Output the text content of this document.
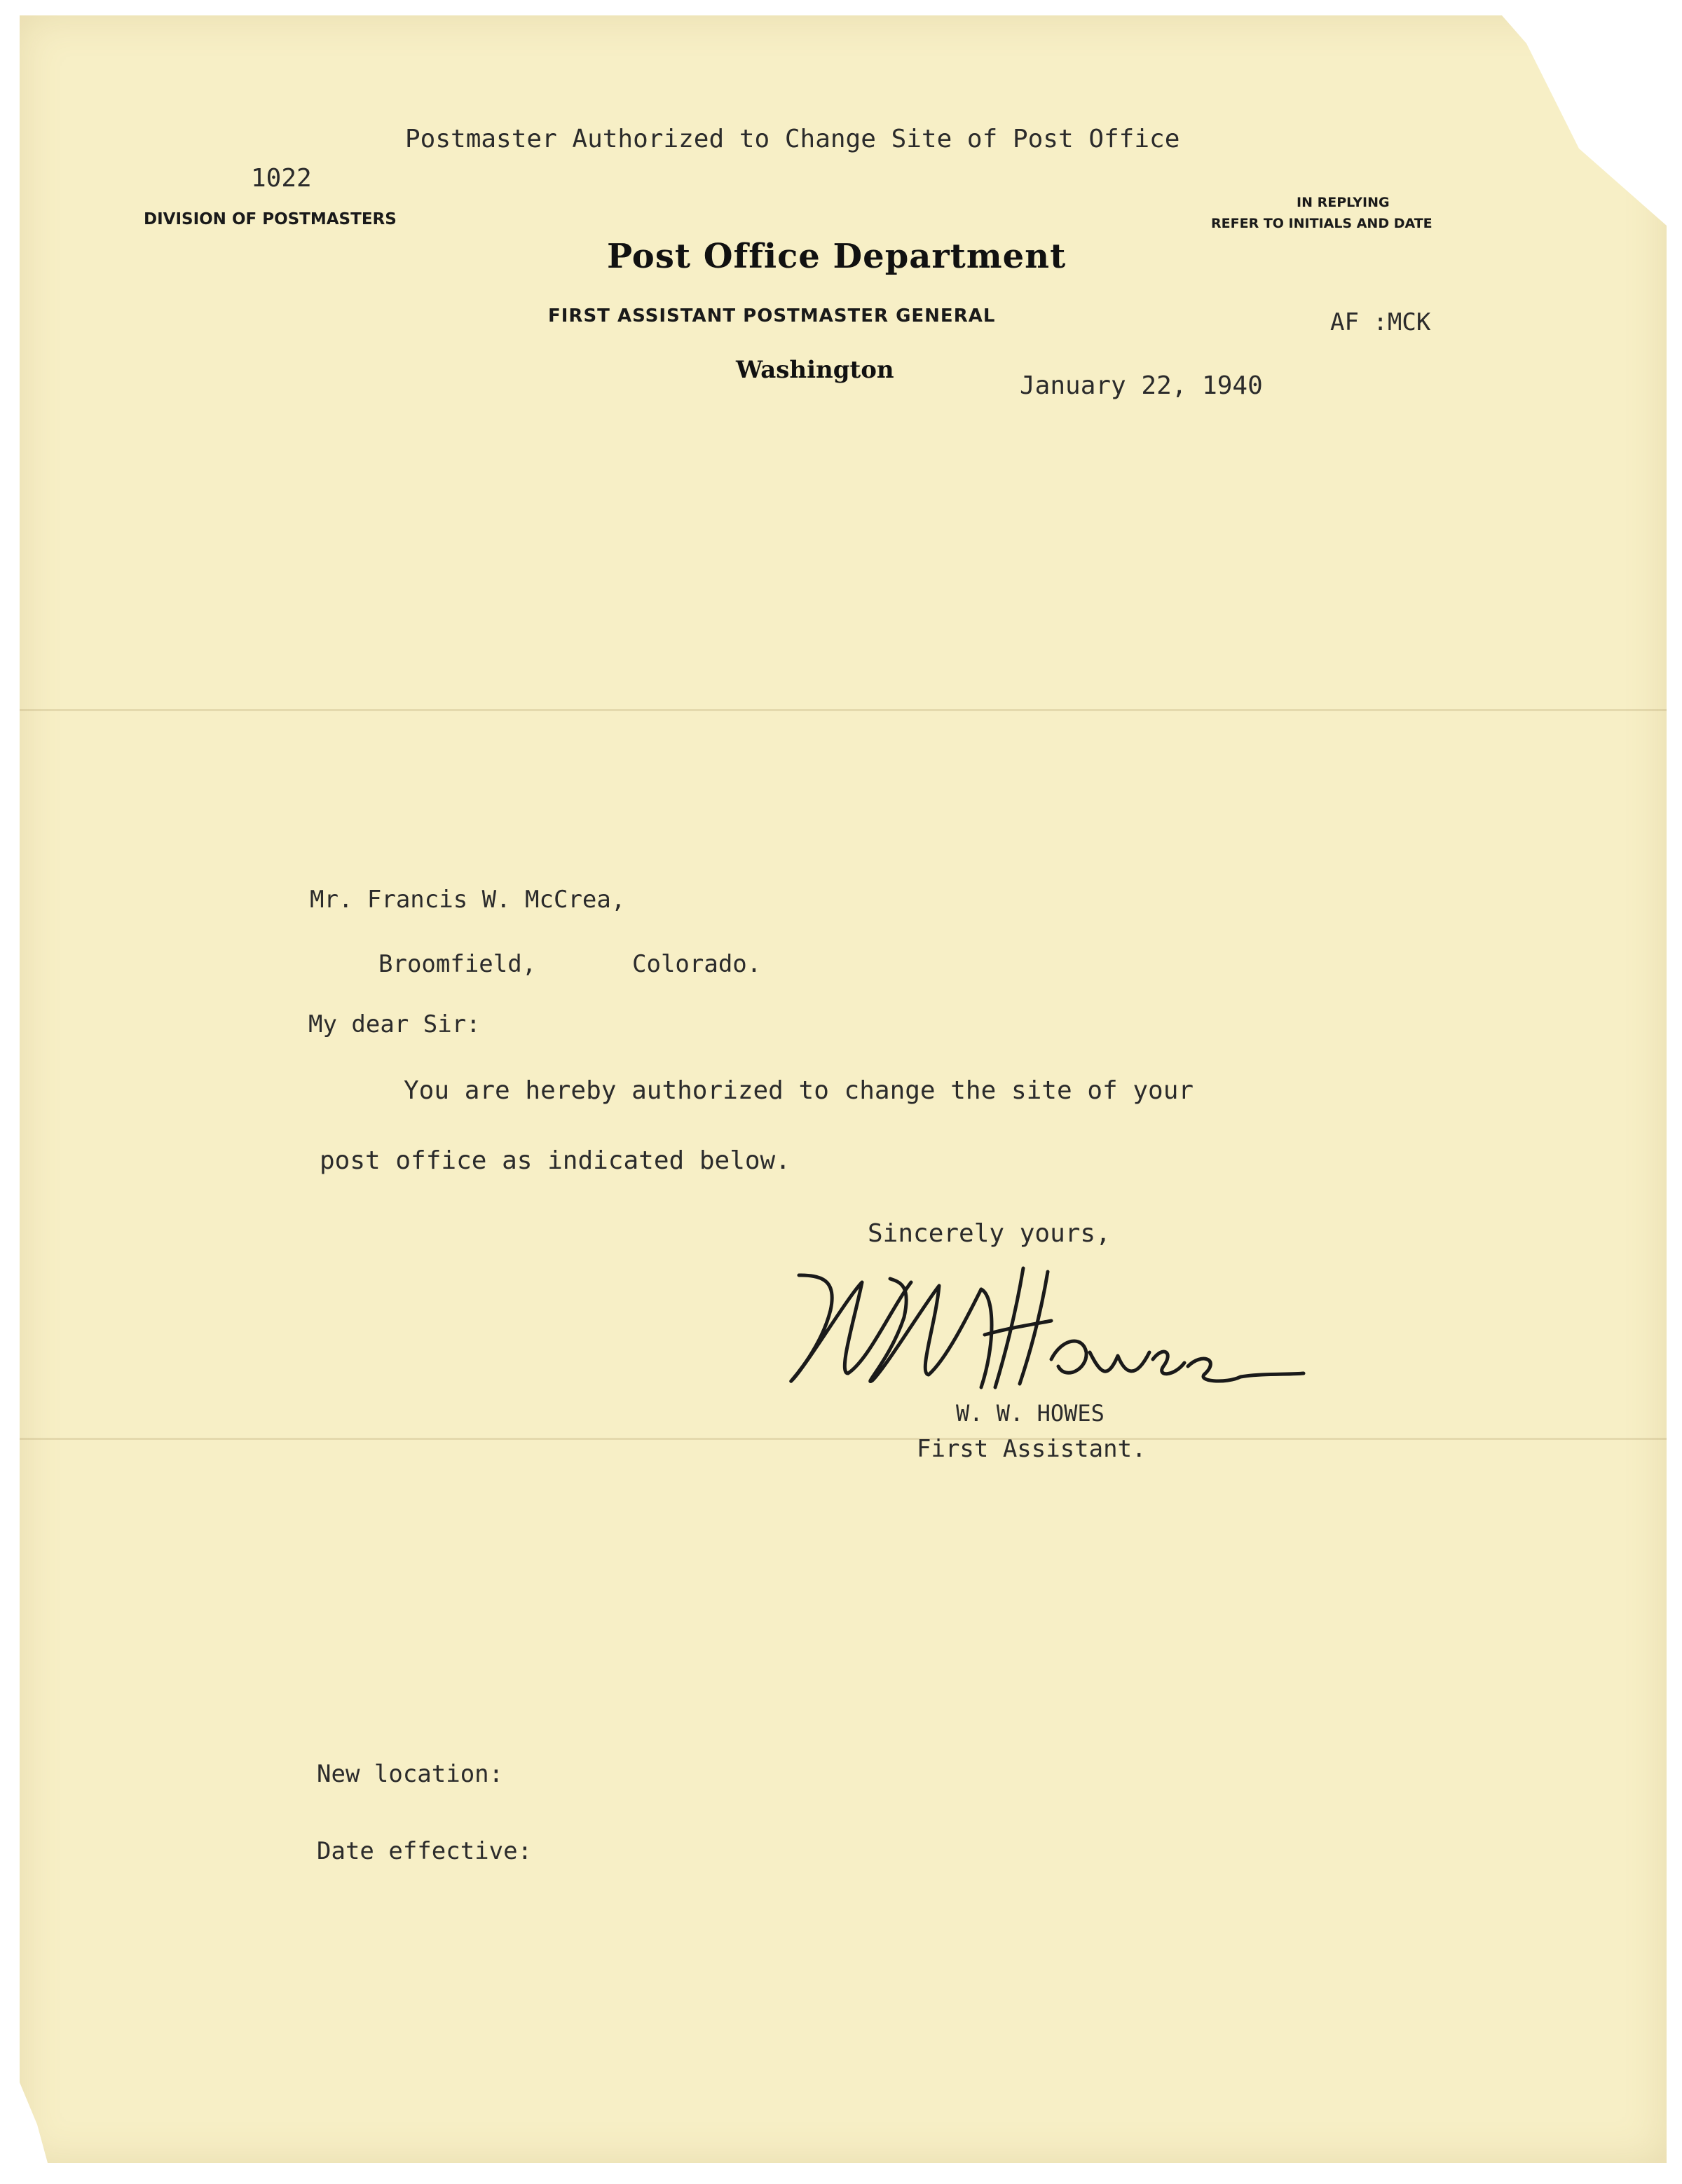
Postmaster Authorized to Change Site of Post Office
1022
DIVISION OF POSTMASTERS
IN REPLYING
REFER TO INITIALS AND DATE
Post Office Department
FIRST ASSISTANT POSTMASTER GENERAL
Washington
AF :MCK
January 22, 1940
Mr. Francis W. McCrea,
Broomfield,	Colorado.
My dear Sir:
You are hereby authorized to change the site of your
post office as indicated below.
Sincerely yours,
W W Howes
W. W. HOWES
First Assistant.
New location:
Date effective:
